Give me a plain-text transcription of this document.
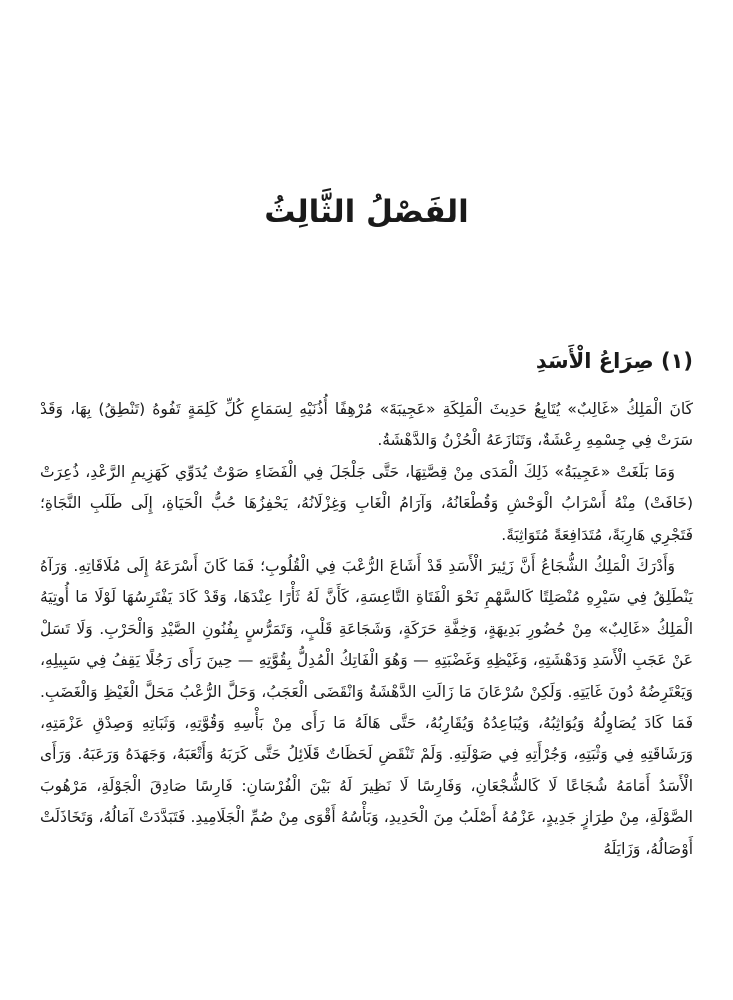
الفَصْلُ الثَّالِثُ
(١) صِرَاعُ الْأَسَدِ

كَانَ الْمَلِكُ «غَالِبٌ» يُتَابِعُ حَدِيثَ الْمَلِكَةِ «عَجِيبَةَ» مُرْهِفًا أُذُنَيْهِ لِسَمَاعِ كُلِّ كَلِمَةٍ تَفُوهُ (تَنْطِقُ) بِهَا، وَقَدْ سَرَتْ فِي جِسْمِهِ رِعْشَةٌ، وَتَنَازَعَهُ الْحُزْنُ وَالدَّهْشَةُ.

وَمَا بَلَغَتْ «عَجِيبَةُ» ذَلِكَ الْمَدَى مِنْ قِصَّتِهَا، حَتَّى جَلْجَلَ فِي الْفَضَاءِ صَوْتٌ يُدَوِّي كَهَزِيمِ الرَّعْدِ، ذُعِرَتْ (خَافَتْ) مِنْهُ أَسْرَابُ الْوَحْشِ وَقُطْعَانُهُ، وَآرَامُ الْغَابِ وَغِزْلَانُهُ، يَحْفِزُهَا حُبُّ الْحَيَاةِ، إِلَى طَلَبِ النَّجَاةِ؛ فَتَجْرِي هَارِبَةً، مُتَدَافِعَةً مُتَوَاثِبَةً.

وَأَدْرَكَ الْمَلِكُ الشُّجَاعُ أَنَّ زَئِيرَ الْأَسَدِ قَدْ أَشَاعَ الرُّعْبَ فِي الْقُلُوبِ؛ فَمَا كَانَ أَسْرَعَهُ إِلَى مُلَاقَاتِهِ. وَرَآهُ يَنْطَلِقُ فِي سَيْرِهِ مُنْصَلِتًا كَالسَّهْمِ نَحْوَ الْفَتَاةِ التَّاعِسَةِ، كَأَنَّ لَهُ ثَأْرًا عِنْدَهَا، وَقَدْ كَادَ يَفْتَرِسُهَا لَوْلَا مَا أُوتِيَهُ الْمَلِكُ «غَالِبٌ» مِنْ حُضُورِ بَدِيهَةٍ، وَخِفَّةِ حَرَكَةٍ، وَشَجَاعَةِ قَلْبٍ، وَتَمَرُّسٍ بِفُنُونِ الصَّيْدِ وَالْحَرْبِ. وَلَا تَسَلْ عَنْ عَجَبِ الْأَسَدِ وَدَهْشَتِهِ، وَغَيْظِهِ وَغَضْبَتِهِ — وَهُوَ الْفَاتِكُ الْمُدِلُّ بِقُوَّتِهِ — حِينَ رَأَى رَجُلًا يَقِفُ فِي سَبِيلِهِ، وَيَعْتَرِضُهُ دُونَ غَايَتِهِ. وَلَكِنْ سُرْعَانَ مَا زَالَتِ الدَّهْشَةُ وَانْقَضَى الْعَجَبُ، وَحَلَّ الرُّعْبُ مَحَلَّ الْغَيْظِ وَالْغَضَبِ. فَمَا كَادَ يُصَاوِلُهُ وَيُوَاثِبُهُ، وَيُبَاعِدُهُ وَيُقَارِبُهُ، حَتَّى هَالَهُ مَا رَأَى مِنْ بَأْسِهِ وَقُوَّتِهِ، وَثَبَاتِهِ وَصِدْقِ عَزْمَتِهِ، وَرَشَاقَتِهِ فِي وَثْبَتِهِ، وَجُرْأَتِهِ فِي صَوْلَتِهِ. وَلَمْ تَنْقَضِ لَحَظَاتٌ قَلَائِلُ حَتَّى كَرَبَهُ وَأَتْعَبَهُ، وَجَهَدَهُ وَرَعَبَهُ. وَرَأَى الْأَسَدُ أَمَامَهُ شُجَاعًا لَا كَالشُّجْعَانِ، وَفَارِسًا لَا نَظِيرَ لَهُ بَيْنَ الْفُرْسَانِ: فَارِسًا صَادِقَ الْجَوْلَةِ، مَرْهُوبَ الصَّوْلَةِ، مِنْ طِرَازٍ جَدِيدٍ، عَزْمُهُ أَصْلَبُ مِنَ الْحَدِيدِ، وَبَأْسُهُ أَقْوَى مِنْ صُمِّ الْجَلَامِيدِ. فَتَبَدَّدَتْ آمَالُهُ، وَتَخَاذَلَتْ أَوْصَالُهُ، وَزَايَلَهُ
